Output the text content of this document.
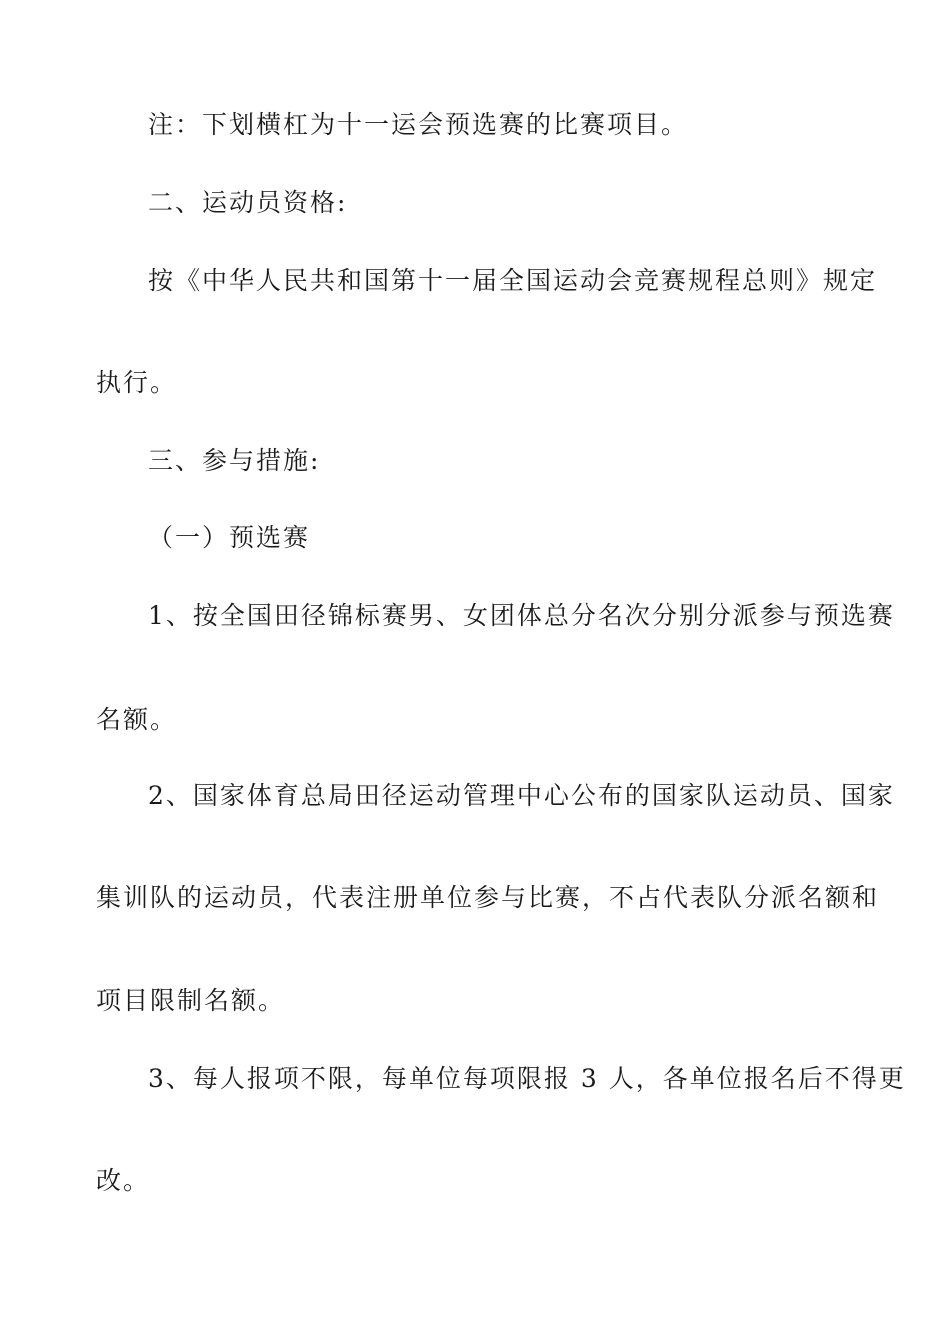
注：下划横杠为十一运会预选赛的比赛项目。
二、运动员资格:
按《中华人民共和国第十一届全国运动会竞赛规程总则》规定
执行。
三、参与措施:
（一）预选赛
1、按全国田径锦标赛男、女团体总分名次分别分派参与预选赛
名额。
2、国家体育总局田径运动管理中心公布的国家队运动员、国家
集训队的运动员，代表注册单位参与比赛，不占代表队分派名额和
项目限制名额。
3、每人报项不限，每单位每项限报 3 人，各单位报名后不得更
改。
